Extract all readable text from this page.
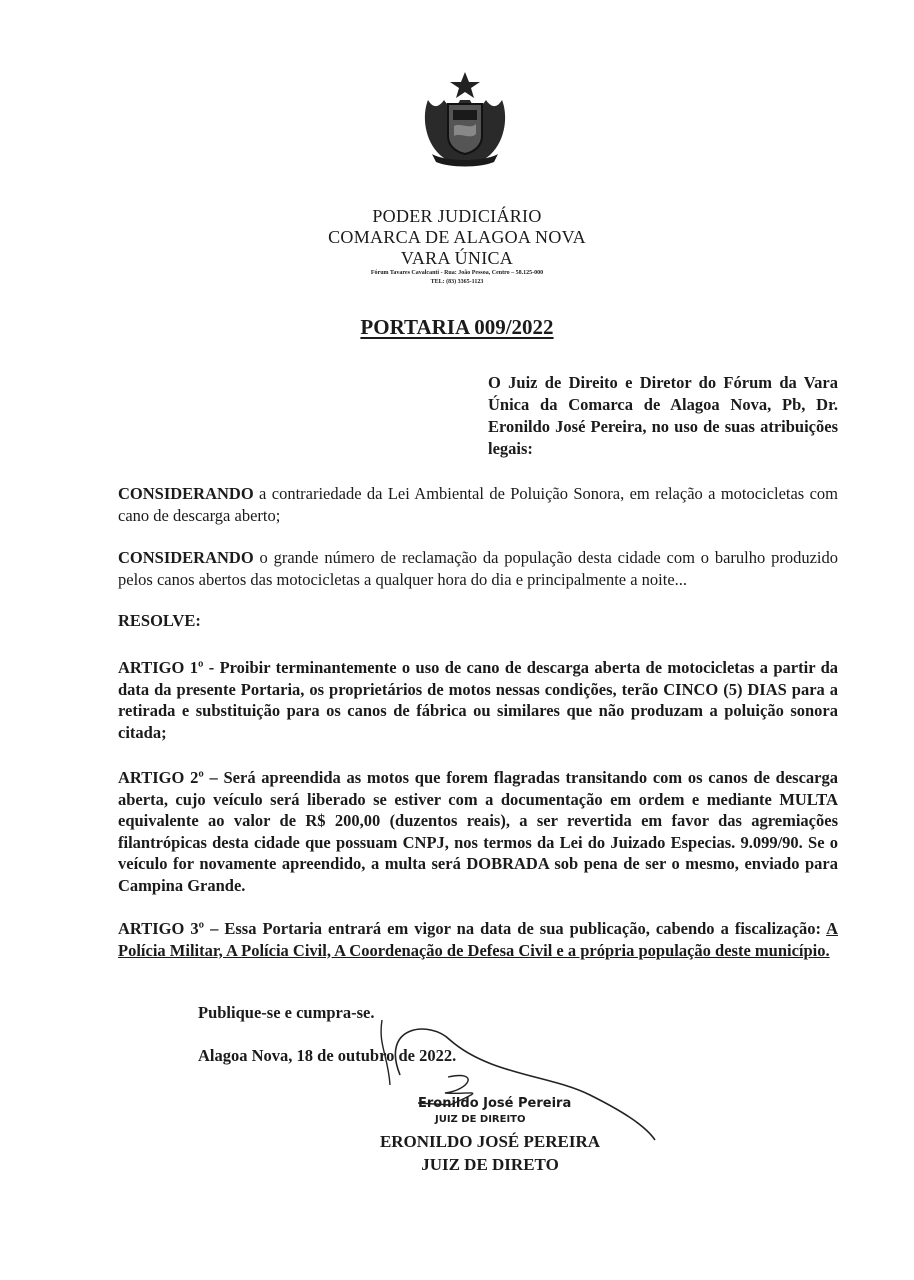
PODER JUDICIÁRIO
COMARCA DE ALAGOA NOVA
VARA ÚNICA
Fórum Tavares Cavalcanti - Rua: João Pessoa, Centro – 58.125-000
TEL: (83) 3365-1123
PORTARIA 009/2022
O Juiz de Direito e Diretor do Fórum da Vara Única da Comarca de Alagoa Nova, Pb, Dr. Eronildo José Pereira, no uso de suas atribuições legais:
CONSIDERANDO a contrariedade da Lei Ambiental de Poluição Sonora, em relação a motocicletas com cano de descarga aberto;
CONSIDERANDO o grande número de reclamação da população desta cidade com o barulho produzido pelos canos abertos das motocicletas a qualquer hora do dia e principalmente a noite...
RESOLVE:
ARTIGO 1º - Proibir terminantemente o uso de cano de descarga aberta de motocicletas a partir da data da presente Portaria, os proprietários de motos nessas condições, terão CINCO (5) DIAS para a retirada e substituição para os canos de fábrica ou similares que não produzam a poluição sonora citada;
ARTIGO 2º – Será apreendida as motos que forem flagradas transitando com os canos de descarga aberta, cujo veículo será liberado se estiver com a documentação em ordem e mediante MULTA equivalente ao valor de R$ 200,00 (duzentos reais), a ser revertida em favor das agremiações filantrópicas desta cidade que possuam CNPJ, nos termos da Lei do Juizado Especias. 9.099/90. Se o veículo for novamente apreendido, a multa será DOBRADA sob pena de ser o mesmo, enviado para Campina Grande.
ARTIGO 3º – Essa Portaria entrará em vigor na data de sua publicação, cabendo a fiscalização: A Polícia Militar, A Polícia Civil, A Coordenação de Defesa Civil e a própria população deste município.
Publique-se e cumpra-se.
Alagoa Nova, 18 de outubro de 2022.
Eronildo José Pereira
JUIZ DE DIREITO
ERONILDO JOSÉ PEREIRA
JUIZ DE DIRETO
